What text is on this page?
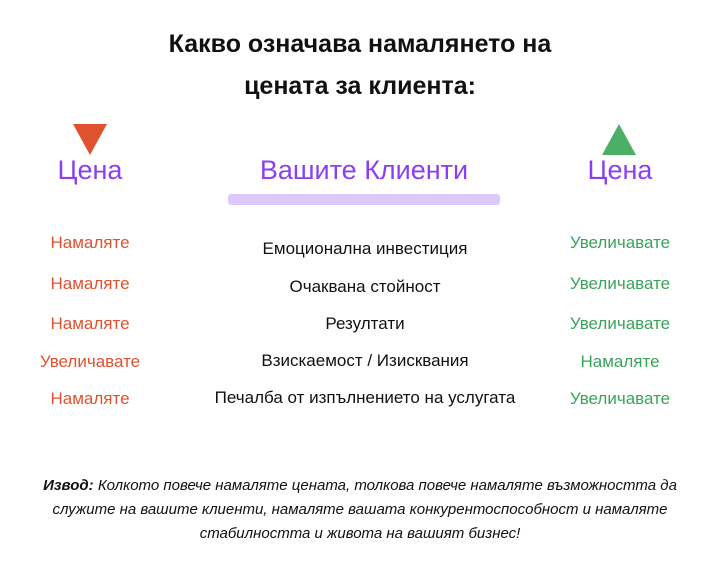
Какво означава намалянето на
цената за клиента:
Цена	Вашите Клиенти	Цена
Намаляте	Емоционална инвестиция	Увеличавате
Намаляте	Очаквана стойност	Увеличавате
Намаляте	Резултати	Увеличавате
Увеличавате	Взискаемост / Изисквания	Намаляте
Намаляте	Печалба от изпълнението на услугата	Увеличавате
Извод: Колкото повече намаляте цената, толкова повече намаляте възможността да служите на вашите клиенти, намаляте вашата конкурентоспособност и намаляте стабилността и живота на вашият бизнес!
